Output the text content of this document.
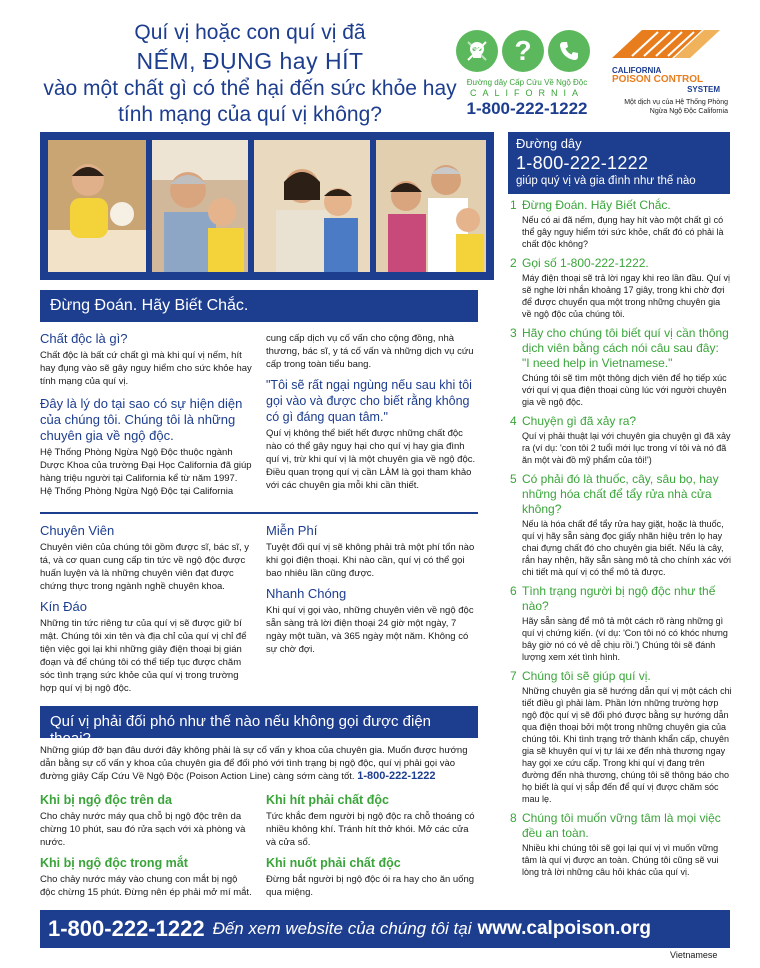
Quí vị hoặc con quí vị đã
NẾM, ĐỤNG hay HÍT
vào một chất gì có thể hại đến sức khỏe hay
tính mạng của quí vị không?
?
Đường dây Cấp Cứu Về Ngộ Độc
CALIFORNIA
1-800-222-1222
CALIFORNIA
POISON CONTROL
SYSTEM
Một dịch vụ của Hệ Thống Phòng
Ngừa Ngộ Độc California
Đừng Đoán. Hãy Biết Chắc.
Chất độc là gì?
Chất độc là bất cứ chất gì mà khi quí vị nếm, hít hay đụng vào sẽ gây nguy hiểm cho sức khỏe hay tính mạng của quí vị.
Đây là lý do tại sao có sự hiện diện của chúng tôi. Chúng tôi là những chuyên gia về ngộ độc.
Hệ Thống Phòng Ngừa Ngộ Độc thuộc ngành Dược Khoa của trường Đại Học California đã giúp hàng triệu người tại California kể từ năm 1997. Hệ Thống Phòng Ngừa Ngộ Độc tại California
cung cấp dịch vụ cố vấn cho cộng đồng, nhà thương, bác sĩ, y tá cố vấn và những dịch vụ cứu cấp trong toàn tiểu bang.
"Tôi sẽ rất ngại ngùng nếu sau khi tôi gọi vào và được cho biết rằng không có gì đáng quan tâm."
Quí vị không thể biết hết được những chất độc nào có thể gây nguy hại cho quí vị hay gia đình quí vị, trừ khi quí vị là một chuyên gia về ngộ độc. Điều quan trọng quí vị cần LÀM là gọi tham khảo với các chuyên gia mỗi khi cần thiết.
Chuyên Viên
Chuyên viên của chúng tôi gồm được sĩ, bác sĩ, y tá, và cơ quan cung cấp tin tức về ngộ độc được huấn luyện và là những chuyên viên đạt được chứng thực trong ngành nghề chuyên khoa.
Kín Đáo
Những tin tức riêng tư của quí vị sẽ được giữ bí mật. Chúng tôi xin tên và địa chỉ của quí vị chỉ để tiện việc gọi lại khi những giây điện thoại bị gián đoạn và để chúng tôi có thể tiếp tục được chăm sóc tình trạng sức khỏe của quí vị trong trường hợp quí vị bị ngộ độc.
Miễn Phí
Tuyệt đối quí vị sẽ không phải trả một phí tổn nào khi gọi điện thoại. Khi nào cần, quí vị có thể gọi bao nhiêu lần cũng được.
Nhanh Chóng
Khi quí vị gọi vào, những chuyên viên về ngộ độc sẵn sàng trả lời điện thoại 24 giờ một ngày, 7 ngày một tuần, và 365 ngày một năm. Không có sự chờ đợi.
Quí vị phải đối phó như thế nào nếu không gọi được điện thoại?
Những giúp đỡ bạn đâu dưới đây không phải là sự cố vấn y khoa của chuyên gia. Muốn được hướng dẫn bằng sự cố vấn y khoa của chuyên gia để đối phó với tình trạng bị ngộ độc, quí vị phải gọi vào đường giây Cấp Cứu Về Ngộ Độc (Poison Action Line) càng sớm càng tốt. 1-800-222-1222
Khi bị ngộ độc trên da
Cho chảy nước máy qua chỗ bị ngộ độc trên da chừng 10 phút, sau đó rửa sạch với xà phòng và nước.
Khi bị ngộ độc trong mắt
Cho chảy nước máy vào chung con mắt bị ngộ độc chừng 15 phút. Đừng nên ép phải mở mí mắt.
Khi hít phải chất độc
Tức khắc đem người bị ngộ độc ra chỗ thoáng có nhiều không khí. Tránh hít thở khói. Mở các cửa và cửa sổ.
Khi nuốt phải chất độc
Đừng bắt người bị ngộ độc ói ra hay cho ăn uống qua miệng.
Đường dây
1-800-222-1222
giúp quý vị và gia đình như thế nào
1 Đừng Đoán. Hãy Biết Chắc.
Nếu có ai đã nếm, đụng hay hít vào một chất gì có thể gây nguy hiểm tới sức khỏe, chất đó có phải là chất độc không?
2 Gọi số 1-800-222-1222.
Máy điện thoại sẽ trả lời ngay khi reo lần đầu. Quí vị sẽ nghe lời nhắn khoảng 17 giây, trong khi chờ đợi để được chuyển qua một trong những chuyên gia về ngộ độc của chúng tôi.
3 Hãy cho chúng tôi biết quí vị cần thông dịch viên bằng cách nói câu sau đây:
"I need help in Vietnamese."
Chúng tôi sẽ tìm một thông dịch viên để họ tiếp xúc với quí vị qua điện thoại cùng lúc với người chuyên gia về ngộ độc.
4 Chuyện gì đã xảy ra?
Quí vị phải thuật lại với chuyên gia chuyện gì đã xảy ra (ví dụ: 'con tôi 2 tuổi mới lục trong ví tôi và nó đã ăn một vài đồ mỹ phẩm của tôi!')
5 Có phải đó là thuốc, cây, sâu bọ, hay những hóa chất để tẩy rửa nhà cửa không?
Nếu là hóa chất để tẩy rửa hay giặt, hoặc là thuốc, quí vị hãy sẵn sàng đọc giấy nhãn hiệu trên lọ hay chai đựng chất đó cho chuyên gia biết. Nếu là cây, rắn hay nhện, hãy sẵn sàng mô tả cho chính xác với chi tiết mà quí vị có thể mô tả được.
6 Tình trạng người bị ngộ độc như thế nào?
Hãy sẵn sàng để mô tả một cách rõ ràng những gì quí vị chứng kiến. (ví dụ: 'Con tôi nó có khóc nhưng bây giờ nó có vẻ dễ chịu rồi.') Chúng tôi sẽ đánh lượng xem xét tình hình.
7 Chúng tôi sẽ giúp quí vị.
Những chuyên gia sẽ hướng dẫn quí vị một cách chi tiết điều gì phải làm. Phần lớn những trường hợp ngộ độc quí vị sẽ đối phó được bằng sự hướng dẫn qua điện thoại bởi một trong những chuyên gia của chúng tôi. Khi tình trạng trở thành khẩn cấp, chuyên gia sẽ khuyên quí vị tự lái xe đến nhà thương ngay hay gọi xe cứu cấp. Trong khi quí vị đang trên đường đến nhà thương, chúng tôi sẽ thông báo cho họ biết là quí vị sắp đến để quí vị được chăm sóc mau lẹ.
8 Chúng tôi muốn vững tâm là mọi việc đều an toàn.
Nhiều khi chúng tôi sẽ gọi lại quí vị vì muốn vững tâm là quí vị được an toàn. Chúng tôi cũng sẽ vui lòng trả lời những câu hỏi khác của quí vị.
1-800-222-1222 Đến xem website của chúng tôi tại www.calpoison.org
Vietnamese
